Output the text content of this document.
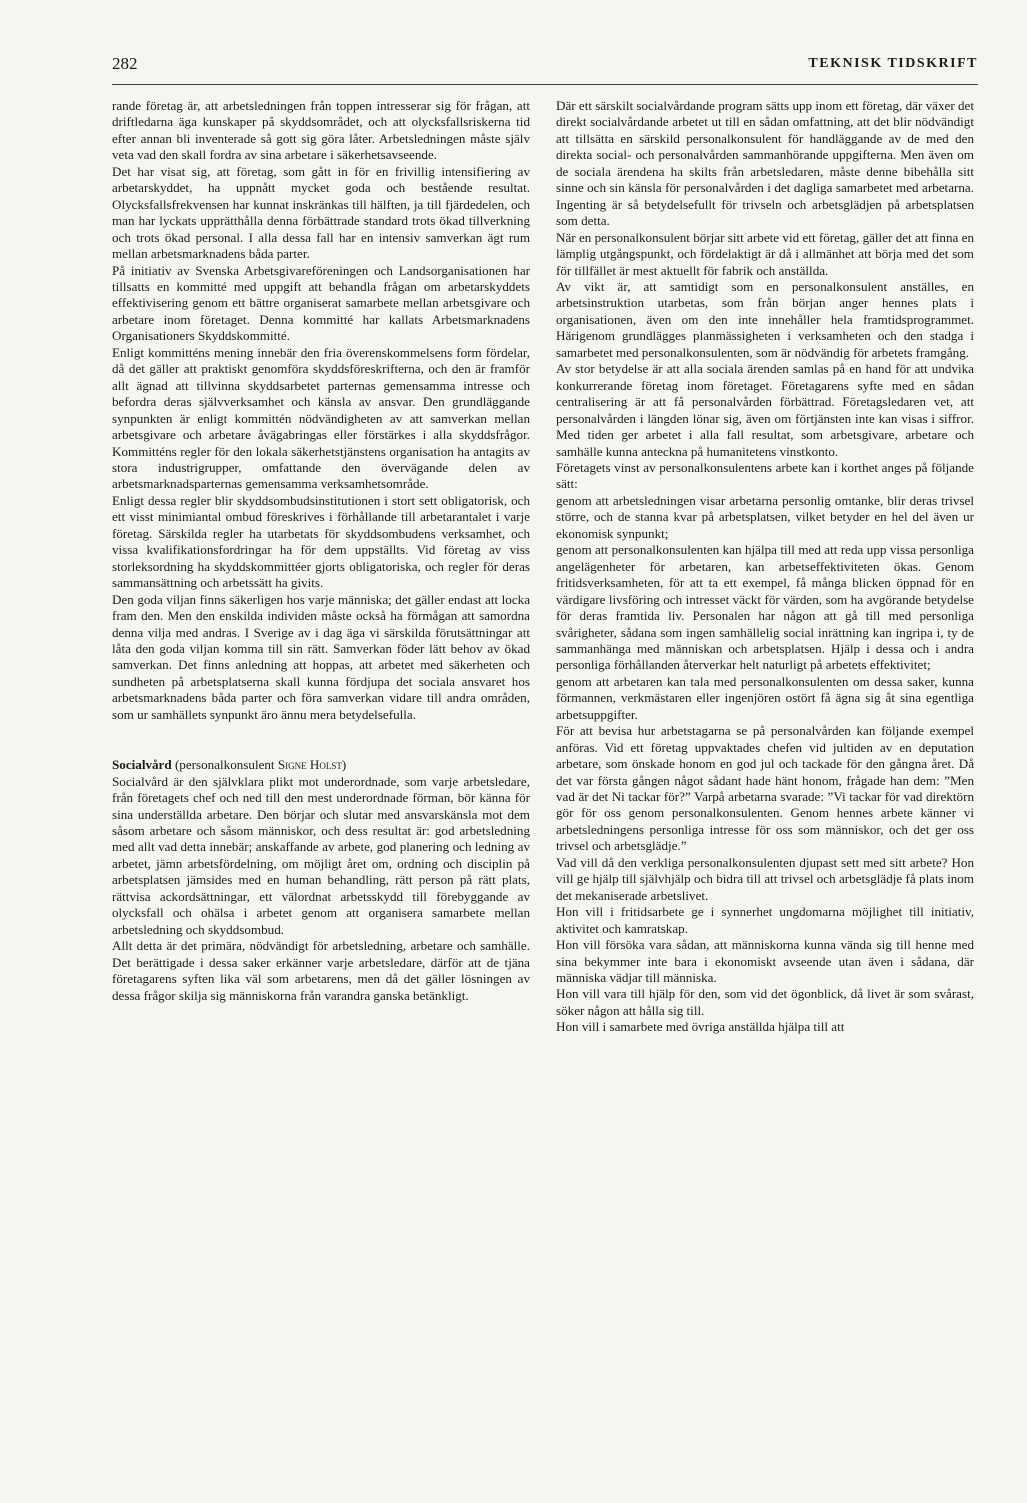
282	TEKNISK TIDSKRIFT

rande företag är, att arbetsledningen från toppen intresserar sig för frågan, att driftledarna äga kunskaper på skyddsområdet, och att olycksfallsriskerna tid efter annan bli inventerade så gott sig göra låter. Arbetsledningen måste själv veta vad den skall fordra av sina arbetare i säkerhetsavseende.

Det har visat sig, att företag, som gått in för en frivillig intensifiering av arbetarskyddet, ha uppnått mycket goda och bestående resultat. Olycksfallsfrekvensen har kunnat inskränkas till hälften, ja till fjärdedelen, och man har lyckats upprätthålla denna förbättrade standard trots ökad tillverkning och trots ökad personal. I alla dessa fall har en intensiv samverkan ägt rum mellan arbetsmarknadens båda parter.

På initiativ av Svenska Arbetsgivareföreningen och Landsorganisationen har tillsatts en kommitté med uppgift att behandla frågan om arbetarskyddets effektivisering genom ett bättre organiserat samarbete mellan arbetsgivare och arbetare inom företaget. Denna kommitté har kallats Arbetsmarknadens Organisationers Skyddskommitté.

Enligt kommitténs mening innebär den fria överenskommelsens form fördelar, då det gäller att praktiskt genomföra skyddsföreskrifterna, och den är framför allt ägnad att tillvinna skyddsarbetet parternas gemensamma intresse och befordra deras självverksamhet och känsla av ansvar. Den grundläggande synpunkten är enligt kommittén nödvändigheten av att samverkan mellan arbetsgivare och arbetare åvägabringas eller förstärkes i alla skyddsfrågor. Kommitténs regler för den lokala säkerhetstjänstens organisation ha antagits av stora industrigrupper, omfattande den övervägande delen av arbetsmarknadsparternas gemensamma verksamhetsområde.

Enligt dessa regler blir skyddsombudsinstitutionen i stort sett obligatorisk, och ett visst minimiantal ombud föreskrives i förhållande till arbetarantalet i varje företag. Särskilda regler ha utarbetats för skyddsombudens verksamhet, och vissa kvalifikationsfordringar ha för dem uppställts. Vid företag av viss storleksordning ha skyddskommittéer gjorts obligatoriska, och regler för deras sammansättning och arbetssätt ha givits.

Den goda viljan finns säkerligen hos varje människa; det gäller endast att locka fram den. Men den enskilda individen måste också ha förmågan att samordna denna vilja med andras. I Sverige av i dag äga vi särskilda förutsättningar att låta den goda viljan komma till sin rätt. Samverkan föder lätt behov av ökad samverkan. Det finns anledning att hoppas, att arbetet med säkerheten och sundheten på arbetsplatserna skall kunna fördjupa det sociala ansvaret hos arbetsmarknadens båda parter och föra samverkan vidare till andra områden, som ur samhällets synpunkt äro ännu mera betydelsefulla.

Socialvård (personalkonsulent Signe Holst)

Socialvård är den självklara plikt mot underordnade, som varje arbetsledare, från företagets chef och ned till den mest underordnade förman, bör känna för sina underställda arbetare. Den börjar och slutar med ansvarskänsla mot dem såsom arbetare och såsom människor, och dess resultat är: god arbetsledning med allt vad detta innebär; anskaffande av arbete, god planering och ledning av arbetet, jämn arbetsfördelning, om möjligt året om, ordning och disciplin på arbetsplatsen jämsides med en human behandling, rätt person på rätt plats, rättvisa ackordsättningar, ett välordnat arbetsskydd till förebyggande av olycksfall och ohälsa i arbetet genom att organisera samarbete mellan arbetsledning och skyddsombud.

Allt detta är det primära, nödvändigt för arbetsledning, arbetare och samhälle. Det berättigade i dessa saker erkänner varje arbetsledare, därför att de tjäna företagarens syften lika väl som arbetarens, men då det gäller lösningen av dessa frågor skilja sig människorna från varandra ganska betänkligt.

Där ett särskilt socialvårdande program sätts upp inom ett företag, där växer det direkt socialvårdande arbetet ut till en sådan omfattning, att det blir nödvändigt att tillsätta en särskild personalkonsulent för handläggande av de med den direkta social- och personalvården sammanhörande uppgifterna. Men även om de sociala ärendena ha skilts från arbetsledaren, måste denne bibehålla sitt sinne och sin känsla för personalvården i det dagliga samarbetet med arbetarna. Ingenting är så betydelsefullt för trivseln och arbetsglädjen på arbetsplatsen som detta.

När en personalkonsulent börjar sitt arbete vid ett företag, gäller det att finna en lämplig utgångspunkt, och fördelaktigt är då i allmänhet att börja med det som för tillfället är mest aktuellt för fabrik och anställda.

Av vikt är, att samtidigt som en personalkonsulent anställes, en arbetsinstruktion utarbetas, som från början anger hennes plats i organisationen, även om den inte innehåller hela framtidsprogrammet. Härigenom grundlägges planmässigheten i verksamheten och den stadga i samarbetet med personalkonsulenten, som är nödvändig för arbetets framgång.

Av stor betydelse är att alla sociala ärenden samlas på en hand för att undvika konkurrerande företag inom företaget. Företagarens syfte med en sådan centralisering är att få personalvården förbättrad. Företagsledaren vet, att personalvården i längden lönar sig, även om förtjänsten inte kan visas i siffror. Med tiden ger arbetet i alla fall resultat, som arbetsgivare, arbetare och samhälle kunna anteckna på humanitetens vinstkonto.

Företagets vinst av personalkonsulentens arbete kan i korthet anges på följande sätt:

genom att arbetsledningen visar arbetarna personlig omtanke, blir deras trivsel större, och de stanna kvar på arbetsplatsen, vilket betyder en hel del även ur ekonomisk synpunkt;

genom att personalkonsulenten kan hjälpa till med att reda upp vissa personliga angelägenheter för arbetaren, kan arbetseffektiviteten ökas. Genom fritidsverksamheten, för att ta ett exempel, få många blicken öppnad för en värdigare livsföring och intresset väckt för värden, som ha avgörande betydelse för deras framtida liv. Personalen har någon att gå till med personliga svårigheter, sådana som ingen samhällelig social inrättning kan ingripa i, ty de sammanhänga med människan och arbetsplatsen. Hjälp i dessa och i andra personliga förhållanden återverkar helt naturligt på arbetets effektivitet;

genom att arbetaren kan tala med personalkonsulenten om dessa saker, kunna förmannen, verkmästaren eller ingenjören ostört få ägna sig åt sina egentliga arbetsuppgifter.

För att bevisa hur arbetstagarna se på personalvården kan följande exempel anföras. Vid ett företag uppvaktades chefen vid jultiden av en deputation arbetare, som önskade honom en god jul och tackade för den gångna året. Då det var första gången något sådant hade hänt honom, frågade han dem: ”Men vad är det Ni tackar för?” Varpå arbetarna svarade: ”Vi tackar för vad direktörn gör för oss genom personalkonsulenten. Genom hennes arbete känner vi arbetsledningens personliga intresse för oss som människor, och det ger oss trivsel och arbetsglädje.”

Vad vill då den verkliga personalkonsulenten djupast sett med sitt arbete? Hon vill ge hjälp till självhjälp och bidra till att trivsel och arbetsglädje få plats inom det mekaniserade arbetslivet.

Hon vill i fritidsarbete ge i synnerhet ungdomarna möjlighet till initiativ, aktivitet och kamratskap.

Hon vill försöka vara sådan, att människorna kunna vända sig till henne med sina bekymmer inte bara i ekonomiskt avseende utan även i sådana, där människa vädjar till människa.

Hon vill vara till hjälp för den, som vid det ögonblick, då livet är som svårast, söker någon att hålla sig till.

Hon vill i samarbete med övriga anställda hjälpa till att
